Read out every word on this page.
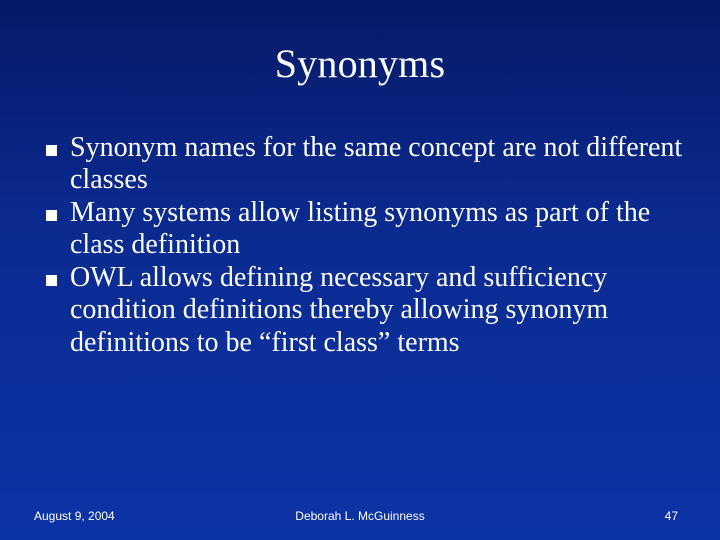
Synonyms
Synonym names for the same concept are not different classes
Many systems allow listing synonyms as part of the class definition
OWL allows defining necessary and sufficiency condition definitions thereby allowing synonym definitions to be “first class” terms
August 9, 2004	Deborah L. McGuinness	47
